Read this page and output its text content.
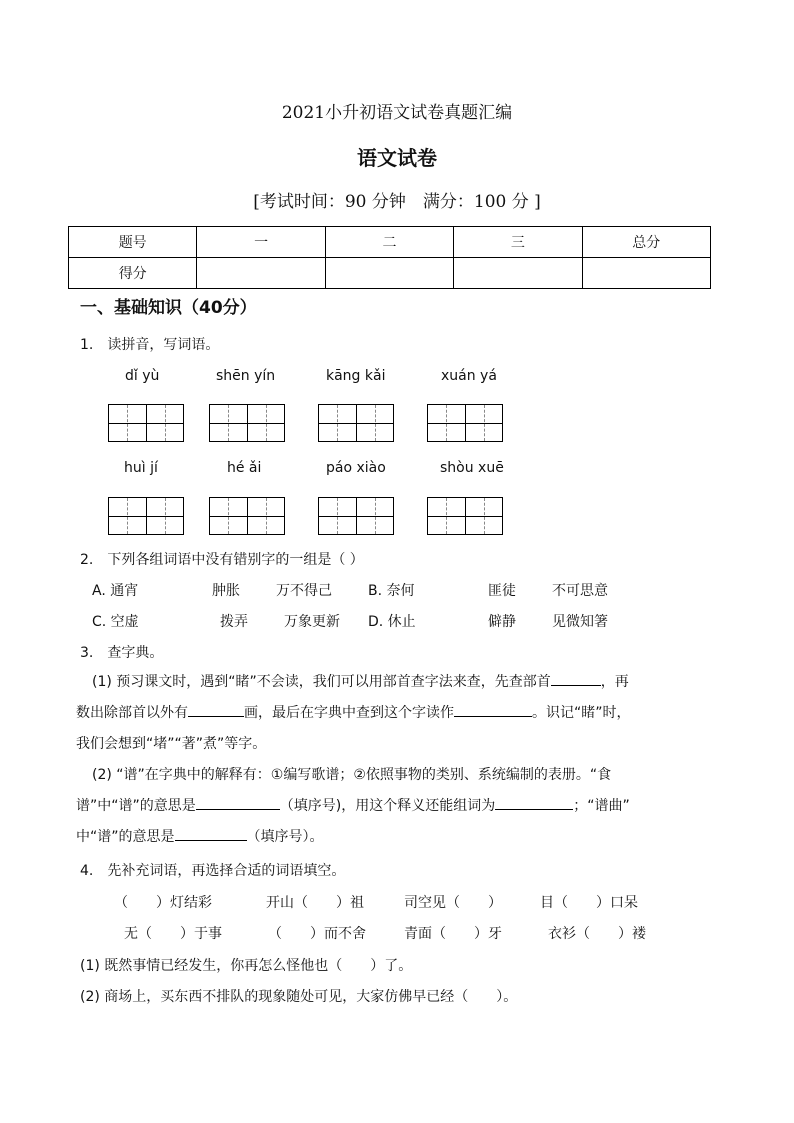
2021小升初语文试卷真题汇编
语文试卷
[考试时间：90 分钟　满分：100 分 ]
题号	一	二	三	总分
得分				
一、基础知识（40分）
1.　读拼音，写词语。
dǐ yù	shēn yín	kāng kǎi	xuán yá
huì jí	hé ǎi	páo xiào	shòu xuē
2.　下列各组词语中没有错别字的一组是（ ）
A. 通宵	肿胀	万不得己	B. 奈何	匪徒	不可思意
C. 空虚	拨弄	万象更新 D. 休止	僻静	见微知箸
3.　查字典。
(1) 预习课文时，遇到“睹”不会读，我们可以用部首查字法来查，先查部首	，再
数出除部首以外有	画，最后在字典中查到这个字读作	。识记“睹”时，
我们会想到“堵”“著”煮”等字。
(2) “谱”在字典中的解释有：①编写歌谱；②依照事物的类别、系统编制的表册。“食
谱”中“谱”的意思是	（填序号)，用这个释义还能组词为	；“谱曲”
中“谱”的意思是	（填序号）。
4.　先补充词语，再选择合适的词语填空。
（　　）灯结彩	开山（　　）祖	司空见（　　）	目（　　）口呆
无（　　）于事	（　　）而不舍	青面（　　）牙	衣衫（　　）褛
(1) 既然事情已经发生，你再怎么怪他也（　　）了。
(2) 商场上，买东西不排队的现象随处可见，大家仿佛早已经（　　）。
